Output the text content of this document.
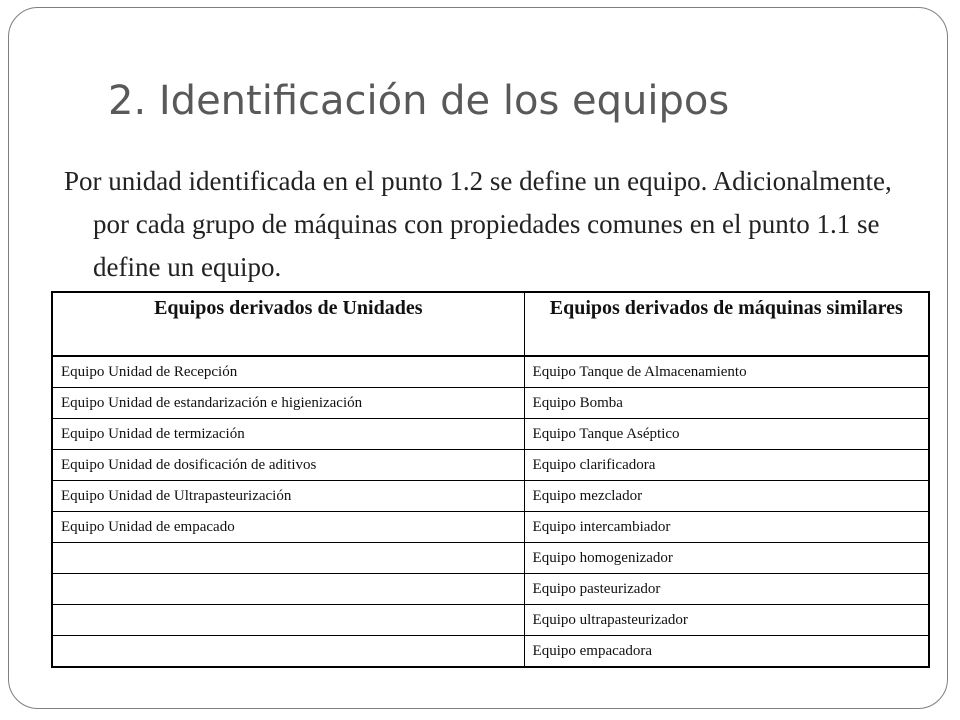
2. Identificación de los equipos
Por unidad identificada en el punto 1.2 se define un equipo. Adicionalmente, por cada grupo de máquinas con propiedades comunes en el punto 1.1 se define un equipo.
Equipos derivados de Unidades	Equipos derivados de máquinas similares
Equipo Unidad de Recepción	Equipo Tanque de Almacenamiento
Equipo Unidad de estandarización e higienización	Equipo Bomba
Equipo Unidad de termización	Equipo Tanque Aséptico
Equipo Unidad de dosificación de aditivos	Equipo clarificadora
Equipo Unidad de Ultrapasteurización	Equipo mezclador
Equipo Unidad de empacado	Equipo intercambiador
	Equipo homogenizador
	Equipo pasteurizador
	Equipo ultrapasteurizador
	Equipo empacadora
